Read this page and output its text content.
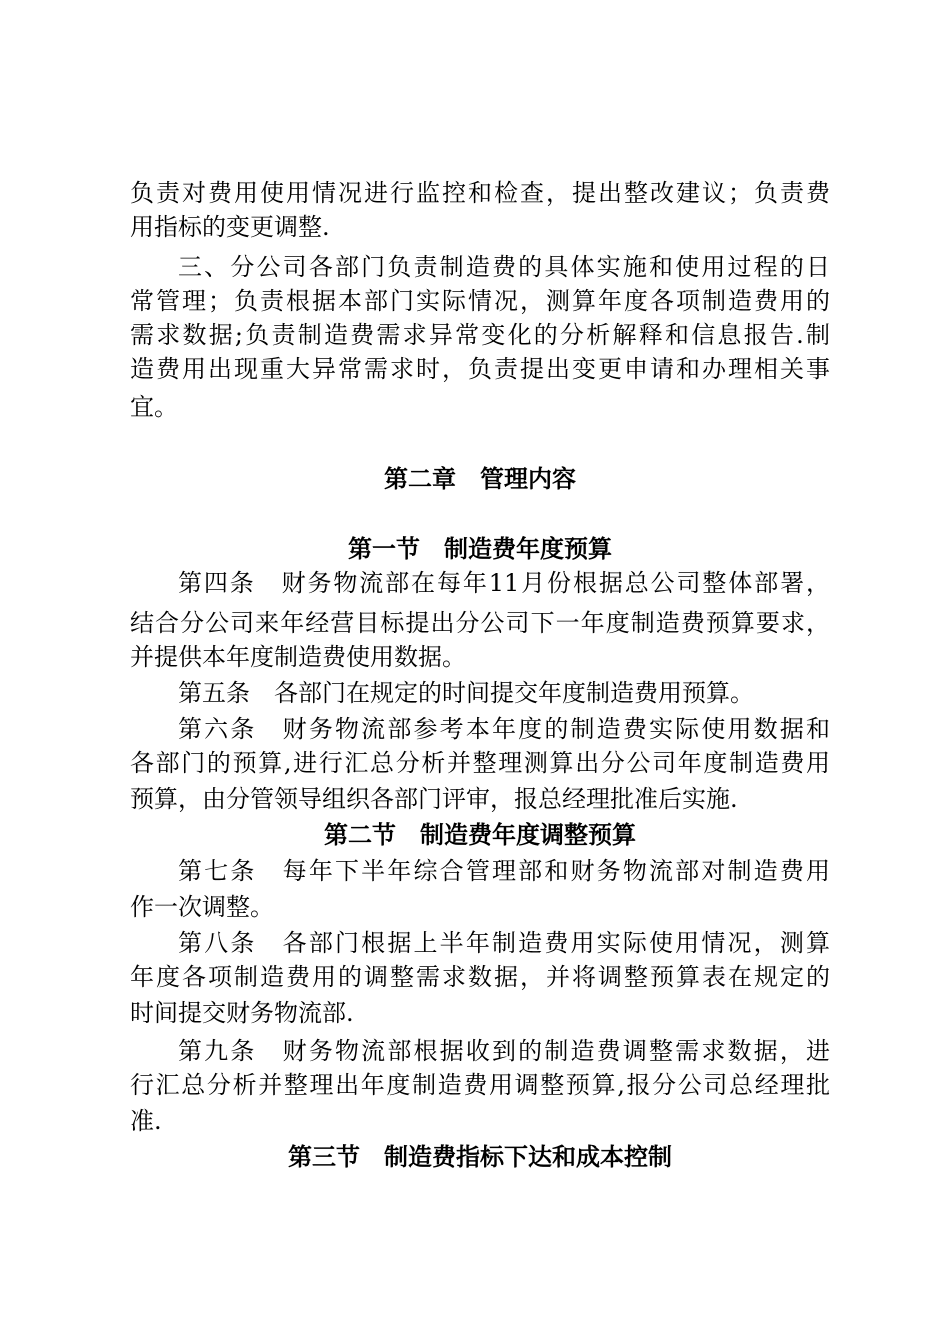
负责对费用使用情况进行监控和检查，提出整改建议；负责费
用指标的变更调整.
三、分公司各部门负责制造费的具体实施和使用过程的日
常管理；负责根据本部门实际情况，测算年度各项制造费用的
需求数据;负责制造费需求异常变化的分析解释和信息报告.制
造费用出现重大异常需求时，负责提出变更申请和办理相关事
宜。
第二章　管理内容
第一节　制造费年度预算
第四条　财务物流部在每年11月份根据总公司整体部署，
结合分公司来年经营目标提出分公司下一年度制造费预算要求，
并提供本年度制造费使用数据。
第五条　各部门在规定的时间提交年度制造费用预算。
第六条　财务物流部参考本年度的制造费实际使用数据和
各部门的预算,进行汇总分析并整理测算出分公司年度制造费用
预算，由分管领导组织各部门评审，报总经理批准后实施.
第二节　制造费年度调整预算
第七条　每年下半年综合管理部和财务物流部对制造费用
作一次调整。
第八条　各部门根据上半年制造费用实际使用情况，测算
年度各项制造费用的调整需求数据，并将调整预算表在规定的
时间提交财务物流部.
第九条　财务物流部根据收到的制造费调整需求数据，进
行汇总分析并整理出年度制造费用调整预算,报分公司总经理批
准.
第三节　制造费指标下达和成本控制
